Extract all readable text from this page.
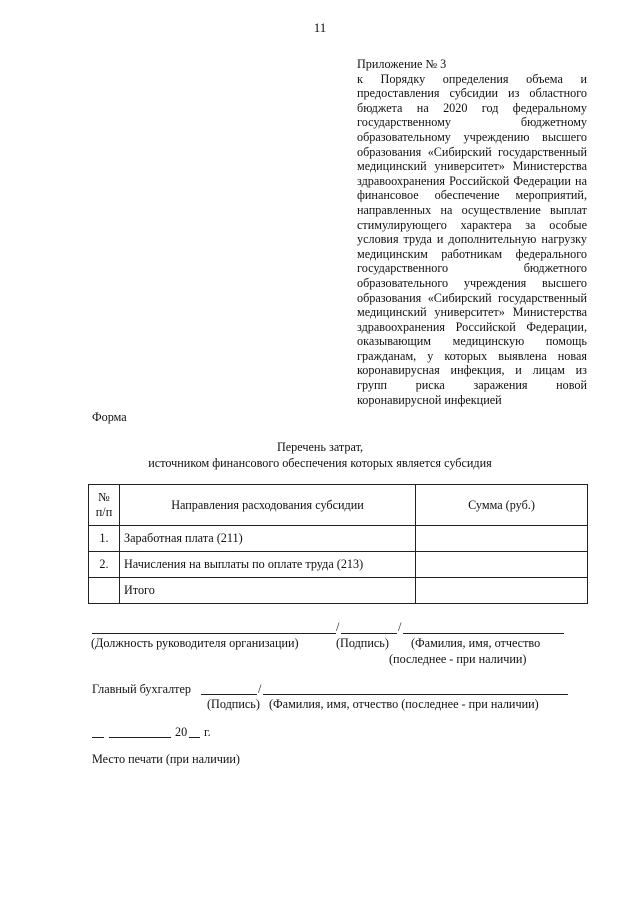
11
Приложение № 3
к Порядку определения объема и предоставления субсидии из областного бюджета на 2020 год федеральному государственному бюджетному образовательному учреждению высшего образования «Сибирский государственный медицинский университет» Министерства здравоохранения Российской Федерации на финансовое обеспечение мероприятий, направленных на осуществление выплат стимулирующего характера за особые условия труда и дополнительную нагрузку медицинским работникам федерального государственного бюджетного образовательного учреждения высшего образования «Сибирский государственный медицинский университет» Министерства здравоохранения Российской Федерации, оказывающим медицинскую помощь гражданам, у которых выявлена новая коронавирусная инфекция, и лицам из групп риска заражения новой коронавирусной инфекцией
Форма
Перечень затрат,
источником финансового обеспечения которых является субсидия
№ п/п	Направления расходования субсидии	Сумма (руб.)
1.	Заработная плата (211)	
2.	Начисления на выплаты по оплате труда (213)	
	Итого	
/	/
(Должность руководителя организации)	(Подпись) (Фамилия, имя, отчество
(последнее - при наличии)
Главный бухгалтер	/
(Подпись) (Фамилия, имя, отчество (последнее - при наличии)
20 г.
Место печати (при наличии)
